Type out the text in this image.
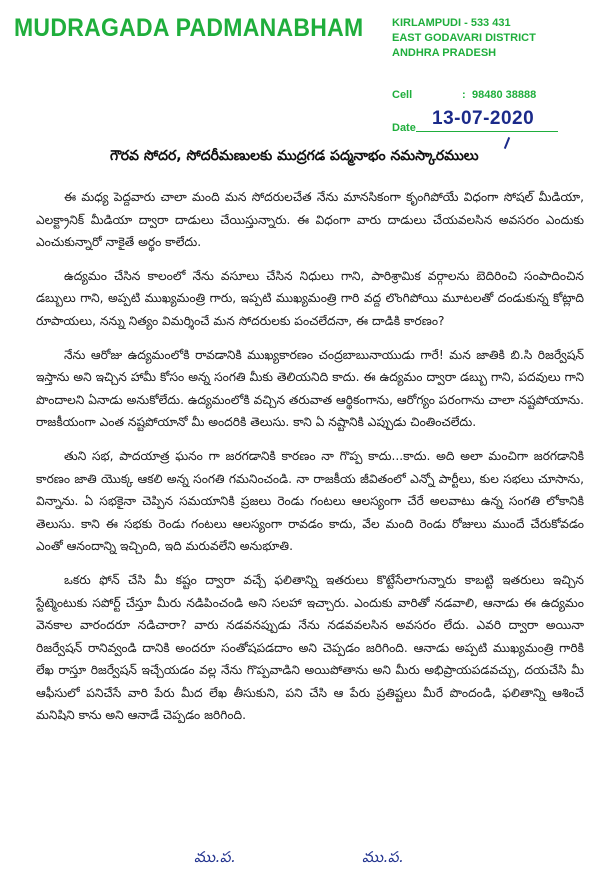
MUDRAGADA PADMANABHAM	KIRLAMPUDI - 533 431
EAST GODAVARI DISTRICT
ANDHRA PRADESH
Cell	: 98480 38888
Date 13-07-2020
గౌరవ సోదర, సోదరీమణులకు ముద్రగడ పద్మనాభం నమస్కారములు

ఈ మధ్య పెద్దవారు చాలా మంది మన సోదరులచేత నేను మానసికంగా కృంగిపోయే విధంగా సోషల్ మీడియా, ఎలక్ట్రానిక్ మీడియా ద్వారా దాడులు చేయిస్తున్నారు. ఈ విధంగా వారు దాడులు చేయవలసిన అవసరం ఎందుకు ఎంచుకున్నారో నాకైతే అర్థం కాలేదు.

ఉద్యమం చేసిన కాలంలో నేను వసూలు చేసిన నిధులు గాని, పారిశ్రామిక వర్గాలను బెదిరించి సంపాదించిన డబ్బులు గాని, అప్పటి ముఖ్యమంత్రి గారు, ఇప్పటి ముఖ్యమంత్రి గారి వద్ద లొంగిపోయి మూటలతో దండుకున్న కోట్లాది రూపాయలు, నన్ను నిత్యం విమర్శించే మన సోదరులకు పంచలేదనా, ఈ దాడికి కారణం?

నేను ఆరోజు ఉద్యమంలోకి రావడానికి ముఖ్యకారణం చంద్రబాబునాయుడు గారే! మన జాతికి బి.సి రిజర్వేషన్ ఇస్తాను అని ఇచ్చిన హామీ కోసం అన్న సంగతి మీకు తెలియనిది కాదు. ఈ ఉద్యమం ద్వారా డబ్బు గాని, పదవులు గాని పొందాలని ఏనాడు అనుకోలేదు. ఉద్యమంలోకి వచ్చిన తరువాత ఆర్థికంగాను, ఆరోగ్యం పరంగాను చాలా నష్టపోయాను. రాజకీయంగా ఎంత నష్టపోయానో మీ అందరికి తెలుసు. కాని ఏ నష్టానికి ఎప్పుడు చింతించలేదు.

తుని సభ, పాదయాత్ర ఘనం గా జరగడానికి కారణం నా గొప్ప కాదు...కాదు. అది అలా మంచిగా జరగడానికి కారణం జాతి యొక్క ఆకలి అన్న సంగతి గమనించండి. నా రాజకీయ జీవితంలో ఎన్నో పార్టీలు, కుల సభలు చూసాను, విన్నాను. ఏ సభకైనా చెప్పిన సమయానికి ప్రజలు రెండు గంటలు ఆలస్యంగా చేరే అలవాటు ఉన్న సంగతి లోకానికి తెలుసు. కాని ఈ సభకు రెండు గంటలు ఆలస్యంగా రావడం కాదు, వేల మంది రెండు రోజులు ముందే చేరుకోవడం ఎంతో ఆనందాన్ని ఇచ్చింది, ఇది మరువలేని అనుభూతి.

ఒకరు ఫోన్ చేసి మీ కష్టం ద్వారా వచ్చే ఫలితాన్ని ఇతరులు కొట్టేసేలాగున్నారు కాబట్టి ఇతరులు ఇచ్చిన స్టేట్మెంటుకు సపోర్ట్ చేస్తూ మీరు నడిపించండి అని సలహా ఇచ్చారు. ఎందుకు వారితో నడవాలి, ఆనాడు ఈ ఉద్యమం వెనకాల వారందరూ నడిచారా? వారు నడవనప్పుడు నేను నడవవలసిన అవసరం లేదు. ఎవరి ద్వారా అయినా రిజర్వేషన్ రానివ్వండి దానికి అందరూ సంతోషపడదాం అని చెప్పడం జరిగింది. ఆనాడు అప్పటి ముఖ్యమంత్రి గారికి లేఖ రాస్తూ రిజర్వేషన్ ఇచ్చేయడం వల్ల నేను గొప్పవాడిని అయిపోతాను అని మీరు అభిప్రాయపడవచ్చు, దయచేసి మీ ఆఫీసులో పనిచేసే వారి పేరు మీద లేఖ తీసుకుని, పని చేసి ఆ పేరు ప్రతిష్టలు మీరే పొందండి, ఫలితాన్ని ఆశించే మనిషిని కాను అని ఆనాడే చెప్పడం జరిగింది.

ము.ప.	ము.ప.
